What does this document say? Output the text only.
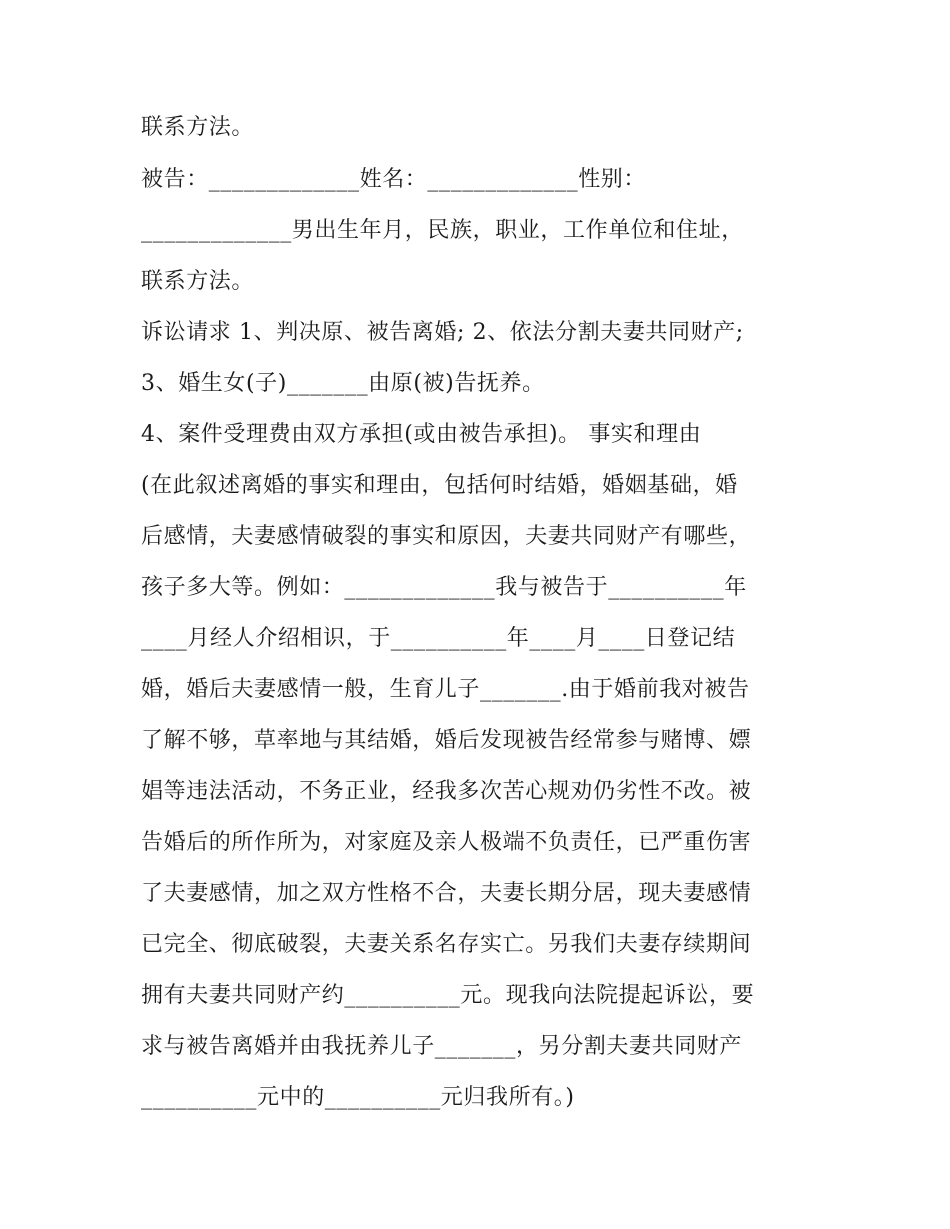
联系方法。
被告：_____________姓名：_____________性别：
_____________男出生年月，民族，职业，工作单位和住址，
联系方法。
诉讼请求 1、判决原、被告离婚; 2、依法分割夫妻共同财产;
3、婚生女(子)_______由原(被)告抚养。
4、案件受理费由双方承担(或由被告承担)。 事实和理由
(在此叙述离婚的事实和理由，包括何时结婚，婚姻基础，婚
后感情，夫妻感情破裂的事实和原因，夫妻共同财产有哪些，
孩子多大等。例如：_____________我与被告于__________年
____月经人介绍相识，于__________年____月____日登记结
婚，婚后夫妻感情一般，生育儿子_______.由于婚前我对被告
了解不够，草率地与其结婚，婚后发现被告经常参与赌博、嫖
娼等违法活动，不务正业，经我多次苦心规劝仍劣性不改。被
告婚后的所作所为，对家庭及亲人极端不负责任，已严重伤害
了夫妻感情，加之双方性格不合，夫妻长期分居，现夫妻感情
已完全、彻底破裂，夫妻关系名存实亡。另我们夫妻存续期间
拥有夫妻共同财产约__________元。现我向法院提起诉讼，要
求与被告离婚并由我抚养儿子_______，另分割夫妻共同财产
__________元中的__________元归我所有。)
